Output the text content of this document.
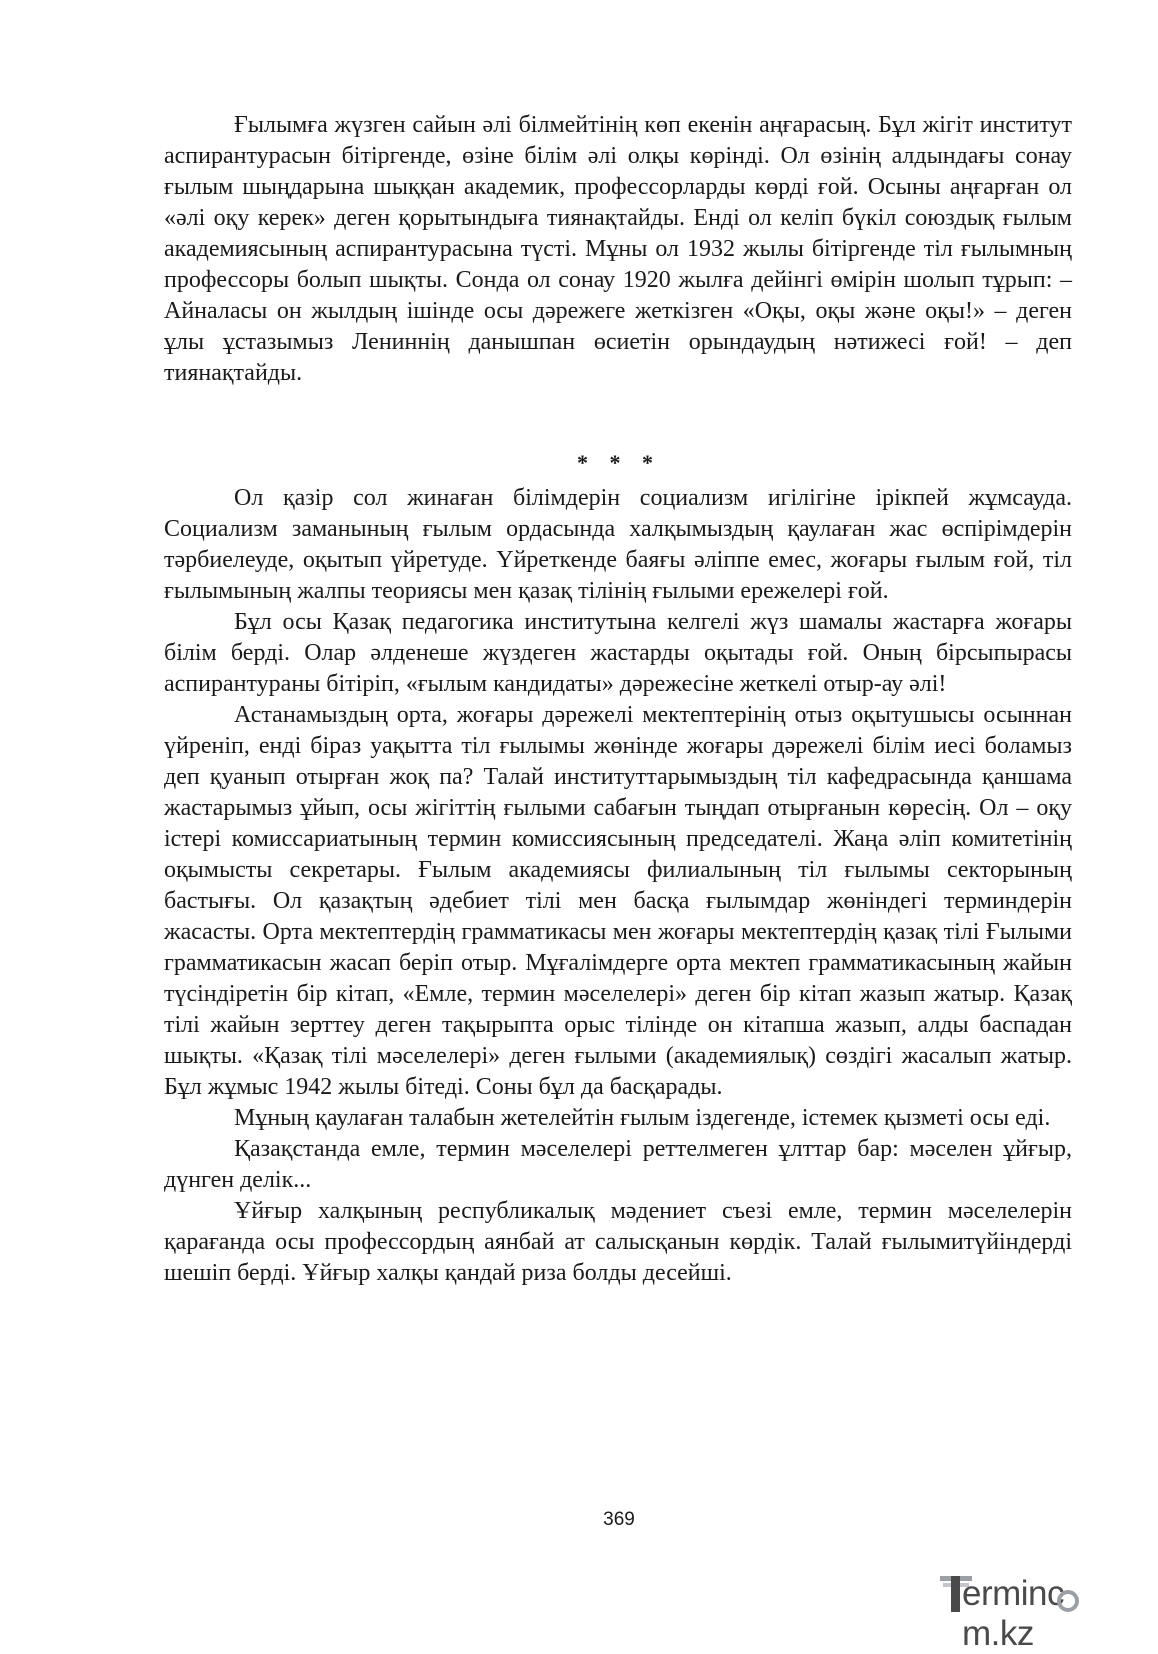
Ғылымға жүзген сайын әлі білмейтінің көп екенін аңғарасың. Бұл жігіт институт аспирантурасын бітіргенде, өзіне білім әлі олқы көрінді. Ол өзінің алдындағы сонау ғылым шыңдарына шыққан академик, профессорларды көрді ғой. Осыны аңғарған ол «әлі оқу керек» деген қорытындыға тиянақтайды. Енді ол келіп бүкіл союздық ғылым академиясының аспирантурасына түсті. Мұны ол 1932 жылы бітіргенде тіл ғылымның профессоры болып шықты. Сонда ол сонау 1920 жылға дейінгі өмірін шолып тұрып: – Айналасы он жылдың ішінде осы дәрежеге жеткізген «Оқы, оқы және оқы!» – деген ұлы ұстазымыз Лениннің данышпан өсиетін орындаудың нәтижесі ғой! – деп тиянақтайды.

* * *

Ол қазір сол жинаған білімдерін социализм игілігіне ірікпей жұмсауда. Социализм заманының ғылым ордасында халқымыздың қаулаған жас өспірімдерін тәрбиелеуде, оқытып үйретуде. Үйреткенде баяғы әліппе емес, жоғары ғылым ғой, тіл ғылымының жалпы теориясы мен қазақ тілінің ғылыми ережелері ғой.

Бұл осы Қазақ педагогика институтына келгелі жүз шамалы жастарға жоғары білім берді. Олар әлденеше жүздеген жастарды оқытады ғой. Оның бірсыпырасы аспирантураны бітіріп, «ғылым кандидаты» дәрежесіне жеткелі отыр-ау әлі!

Астанамыздың орта, жоғары дәрежелі мектептерінің отыз оқытушысы осыннан үйреніп, енді біраз уақытта тіл ғылымы жөнінде жоғары дәрежелі білім иесі боламыз деп қуанып отырған жоқ па? Талай институттарымыздың тіл кафедрасында қаншама жастарымыз ұйып, осы жігіттің ғылыми сабағын тыңдап отырғанын көресің. Ол – оқу істері комиссариатының термин комиссиясының председателі. Жаңа әліп комитетінің оқымысты секретары. Ғылым академиясы филиалының тіл ғылымы секторының бастығы. Ол қазақтың әдебиет тілі мен басқа ғылымдар жөніндегі терминдерін жасасты. Орта мектептердің грамматикасы мен жоғары мектептердің қазақ тілі Ғылыми грамматикасын жасап беріп отыр. Мұғалімдерге орта мектеп грамматикасының жайын түсіндіретін бір кітап, «Емле, термин мәселелері» деген бір кітап жазып жатыр. Қазақ тілі жайын зерттеу деген тақырыпта орыс тілінде он кітапша жазып, алды баспадан шықты. «Қазақ тілі мәселелері» деген ғылыми (академиялық) сөздігі жасалып жатыр. Бұл жұмыс 1942 жылы бітеді. Соны бұл да басқарады.

Мұның қаулаған талабын жетелейтін ғылым іздегенде, істемек қызметі осы еді.

Қазақстанда емле, термин мәселелері реттелмеген ұлттар бар: мәселен ұйғыр, дүнген делік...

Ұйғыр халқының республикалық мәдениет съезі емле, термин мәселелерін қарағанда осы профессордың аянбай ат салысқанын көрдік. Талай ғылымитүйіндерді шешіп берді. Ұйғыр халқы қандай риза болды десейші.

369
ermincm.kz
